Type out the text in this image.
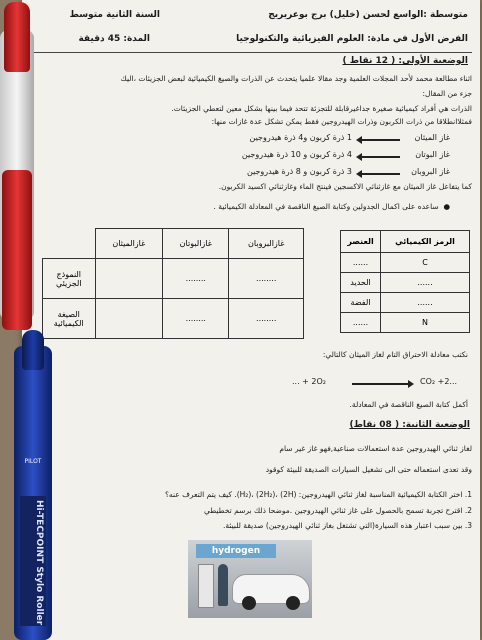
متوسطة :الواسع لحسن (خليل) برج بوعريريج
السنة الثانية متوسط
الفرض الأول في مادة: العلوم الفيزيائية والتكنولوجيا
المدة: 45 دقيقة
الوضعية الأولى: ( 12 نقاط )
اثناء مطالعة محمد لأحد المجلات العلمية وجد مقالا علميا يتحدث عن الذرات والصيغ الكيميائية لبعض الجزيئات ،اليك
جزء من المقال:
الذرات هي أفراد كيميائية صغيرة جداغيرقابلة للتجزئة تتحد فيما بينها بشكل معين لتعطي الجزيئات.
فمثلاانطلاقا من ذرات الكربون وذرات الهيدروجين فقط يمكن تشكل عدة غازات منها:
غاز الميثان
1 ذرة كربون و4 ذرة هيدروجين
غاز البوتان
4 ذرة كربون و 10 ذرة هيدروجين
غاز البروبان
3 ذرة كربون و 8 ذرة هيدروجين
كما يتفاعل غاز الميثان مع غازثنائي الاكسجين فينتج الماء وغازثنائي اكسيد الكربون.
●  ساعده على اكمال الجدولين وكتابة الصيغ الناقصة في المعادلة الكيميائية .
العنصر	الرمز الكيميائي
......	C
الحديد	......
الفضة	......
......	N
	غازالميثان	غازالبوتان	غازالبروبان
النموذج الجزيئي		........	........
الصيغة الكيميائية		........	........
نكتب معادلة الاحتراق التام لغاز الميثان كالتالي:
... + 2O₂ → CO₂ +2...
أكمل كتابة الصيغ الناقصة في المعادلة.
الوضعية الثانية: ( 08 نقاط)
لغاز ثنائي الهيدروجين عدة استعمالات صناعية,فهو غاز غير سام
وقد تعدى استعماله حتى الى تشغيل السيارات الصديقة للبيئة كوقود
1. اختر الكتابة الكيميائية المناسبة لغاز ثنائي الهيدروجين: (2H) ،(2H₂) ،(H₂). كيف يتم التعرف عنه؟
2. اقترح تجربة تسمح بالحصول على غاز ثنائي الهيدروجين .موضحا ذلك برسم تخطيطي
3. بين سبب اعتبار هذه السيارة(التي تشتغل بغاز ثنائي الهيدروجين) صديقة للبيئة.
hydrogen
Hi-TECPOINT Stylo Roller
PILOT
